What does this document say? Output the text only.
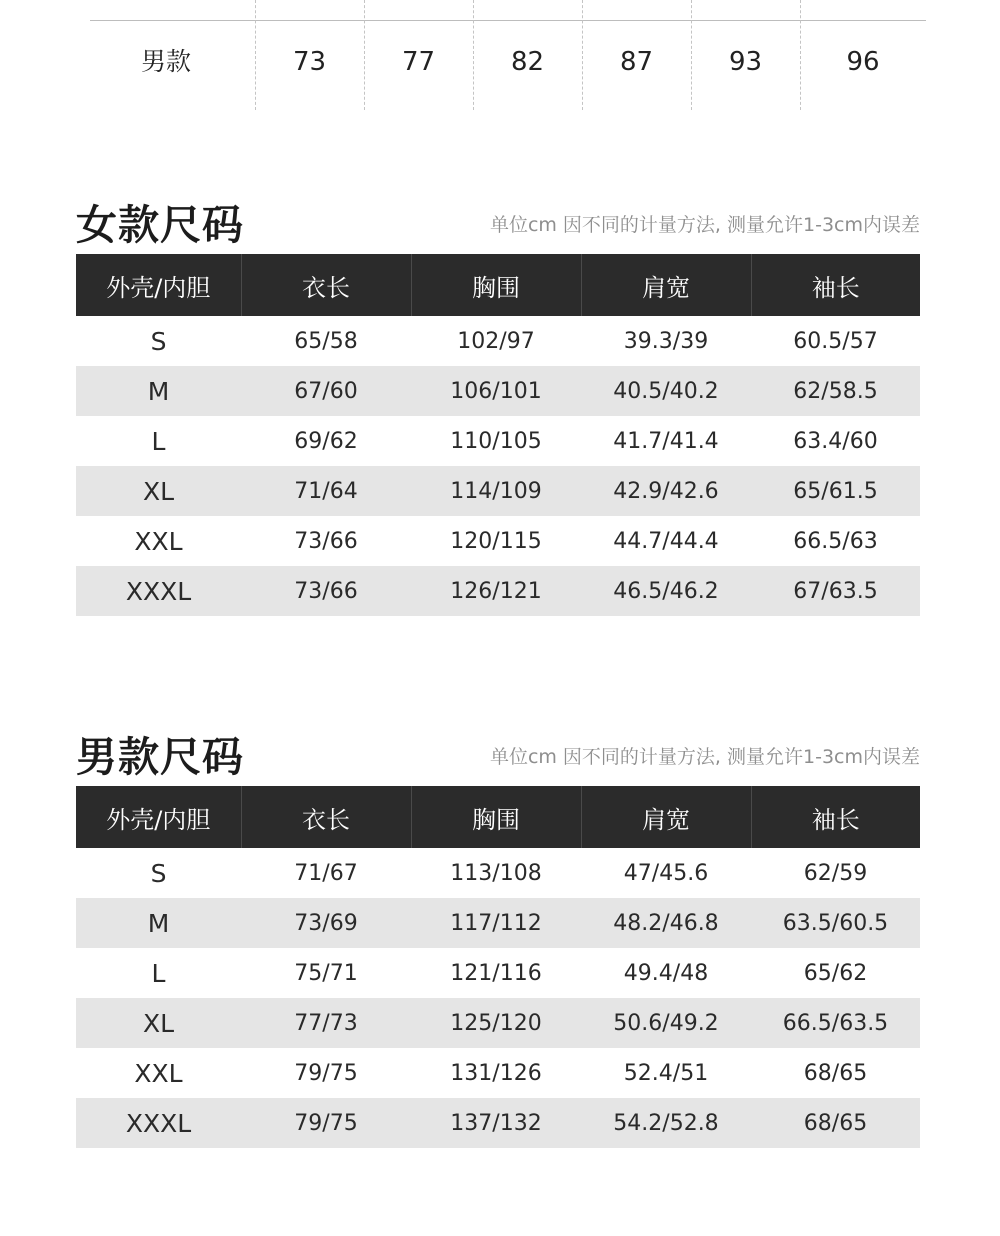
男款	73	77	82	87	93	96
女款尺码	单位cm 因不同的计量方法, 测量允许1-3cm内误差
外壳/内胆	衣长	胸围	肩宽	袖长
S	65/58	102/97	39.3/39	60.5/57
M	67/60	106/101	40.5/40.2	62/58.5
L	69/62	110/105	41.7/41.4	63.4/60
XL	71/64	114/109	42.9/42.6	65/61.5
XXL	73/66	120/115	44.7/44.4	66.5/63
XXXL	73/66	126/121	46.5/46.2	67/63.5
男款尺码	单位cm 因不同的计量方法, 测量允许1-3cm内误差
外壳/内胆	衣长	胸围	肩宽	袖长
S	71/67	113/108	47/45.6	62/59
M	73/69	117/112	48.2/46.8	63.5/60.5
L	75/71	121/116	49.4/48	65/62
XL	77/73	125/120	50.6/49.2	66.5/63.5
XXL	79/75	131/126	52.4/51	68/65
XXXL	79/75	137/132	54.2/52.8	68/65
